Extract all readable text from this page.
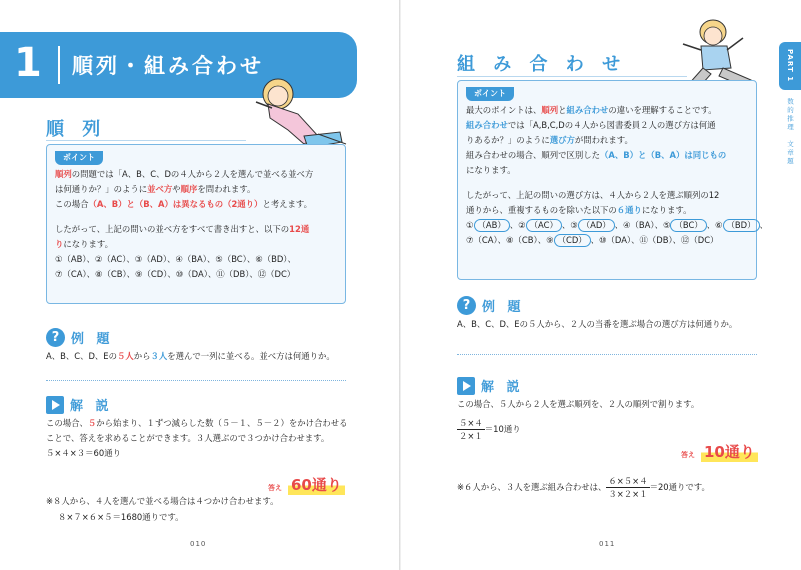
1 順列・組み合わせ
順 列
ポイント
順列の問題では「A、B、C、Dの４人から２人を選んで並べる並べ方
は何通りか？」のように並べ方や順序を問われます。
この場合（A、B）と（B、A）は異なるもの（2通り）と考えます。
したがって、上記の問いの並べ方をすべて書き出すと、以下の12通
りになります。
①（AB）、②（AC）、③（AD）、④（BA）、⑤（BC）、⑥（BD）、
⑦（CA）、⑧（CB）、⑨（CD）、⑩（DA）、⑪（DB）、⑫（DC）
? 例 題
A、B、C、D、Eの５人から３人を選んで一列に並べる。並べ方は何通りか。
解 説
この場合、５から始まり、１ずつ減らした数（５－１、５－２）をかけ合わせる
ことで、答えを求めることができます。３人選ぶので３つかけ合わせます。
５×４×３＝60通り
答え 60通り
※８人から、４人を選んで並べる場合は４つかけ合わせます。
８×７×６×５＝1680通りです。
010
組 み 合 わ せ
ポイント
最大のポイントは、順列と組み合わせの違いを理解することです。
組み合わせでは「A,B,C,Dの４人から図書委員２人の選び方は何通
りあるか？」のように選び方が問われます。
組み合わせの場合、順列で区別した（A、B）と（B、A）は同じもの
になります。
したがって、上記の問いの選び方は、４人から２人を選ぶ順列の12
通りから、重複するものを除いた以下の６通りになります。
① （AB） 、② （AC） 、③ （AD） 、④（BA）、⑤ （BC） 、⑥ （BD） 、
⑦（CA）、⑧（CB）、⑨ （CD） 、⑩（DA）、⑪（DB）、⑫（DC）
? 例 題
A、B、C、D、Eの５人から、２人の当番を選ぶ場合の選び方は何通りか。
解 説
この場合、５人から２人を選ぶ順列を、２人の順列で割ります。
$\frac{5\times 4}{2\times 1} =10$通り
答え 10通り
※６人から、３人を選ぶ組み合わせは、 $\frac{6\times 5\times 4}{3\times 2\times 1} =20$通りです。
PART 1
数的推理　文章題
011
